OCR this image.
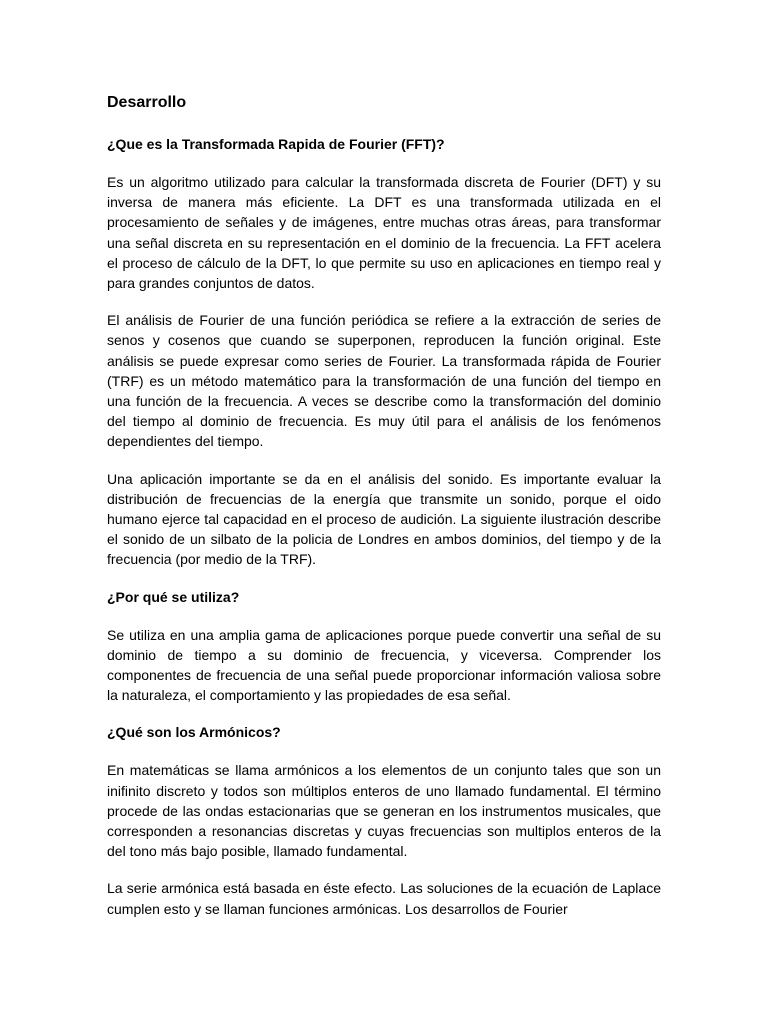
Desarrollo
¿Que es la Transformada Rapida de Fourier (FFT)?

Es un algoritmo utilizado para calcular la transformada discreta de Fourier (DFT) y su inversa de manera más eficiente. La DFT es una transformada utilizada en el procesamiento de señales y de imágenes, entre muchas otras áreas, para transformar una señal discreta en su representación en el dominio de la frecuencia. La FFT acelera el proceso de cálculo de la DFT, lo que permite su uso en aplicaciones en tiempo real y para grandes conjuntos de datos.

El análisis de Fourier de una función periódica se refiere a la extracción de series de senos y cosenos que cuando se superponen, reproducen la función original. Este análisis se puede expresar como series de Fourier. La transformada rápida de Fourier (TRF) es un método matemático para la transformación de una función del tiempo en una función de la frecuencia. A veces se describe como la transformación del dominio del tiempo al dominio de frecuencia. Es muy útil para el análisis de los fenómenos dependientes del tiempo.

Una aplicación importante se da en el análisis del sonido. Es importante evaluar la distribución de frecuencias de la energía que transmite un sonido, porque el oido humano ejerce tal capacidad en el proceso de audición. La siguiente ilustración describe el sonido de un silbato de la policia de Londres en ambos dominios, del tiempo y de la frecuencia (por medio de la TRF).

¿Por qué se utiliza?

Se utiliza en una amplia gama de aplicaciones porque puede convertir una señal de su dominio de tiempo a su dominio de frecuencia, y viceversa. Comprender los componentes de frecuencia de una señal puede proporcionar información valiosa sobre la naturaleza, el comportamiento y las propiedades de esa señal.

¿Qué son los Armónicos?

En matemáticas se llama armónicos a los elementos de un conjunto tales que son un inifinito discreto y todos son múltiplos enteros de uno llamado fundamental. El término procede de las ondas estacionarias que se generan en los instrumentos musicales, que corresponden a resonancias discretas y cuyas frecuencias son multiplos enteros de la del tono más bajo posible, llamado fundamental.

La serie armónica está basada en éste efecto. Las soluciones de la ecuación de Laplace cumplen esto y se llaman funciones armónicas. Los desarrollos de Fourier
